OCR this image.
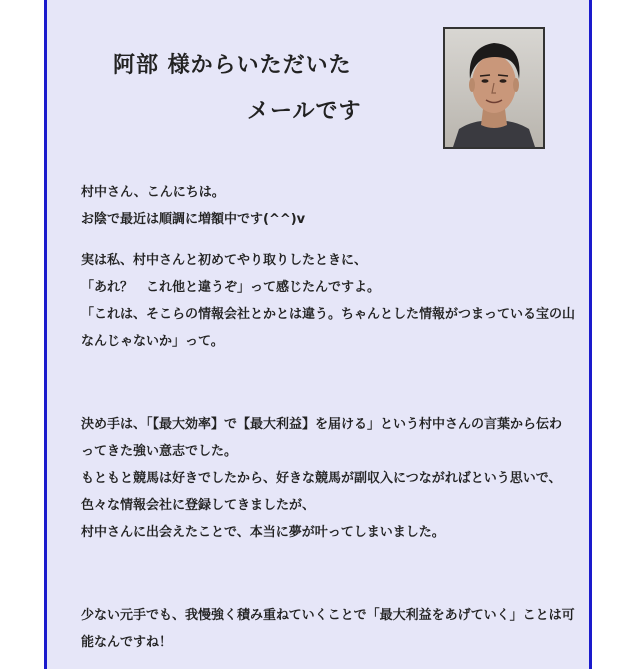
阿部 様からいただいた
メールです
村中さん、こんにちは。
お陰で最近は順調に増額中です(^^)v
実は私、村中さんと初めてやり取りしたときに、
「あれ？　これ他と違うぞ」って感じたんですよ。
「これは、そこらの情報会社とかとは違う。ちゃんとした情報がつまっている宝の山
なんじゃないか」って。
決め手は、「【最大効率】で【最大利益】を届ける」という村中さんの言葉から伝わ
ってきた強い意志でした。
もともと競馬は好きでしたから、好きな競馬が副収入につながればという思いで、
色々な情報会社に登録してきましたが、
村中さんに出会えたことで、本当に夢が叶ってしまいました。
少ない元手でも、我慢強く積み重ねていくことで「最大利益をあげていく」ことは可
能なんですね！
